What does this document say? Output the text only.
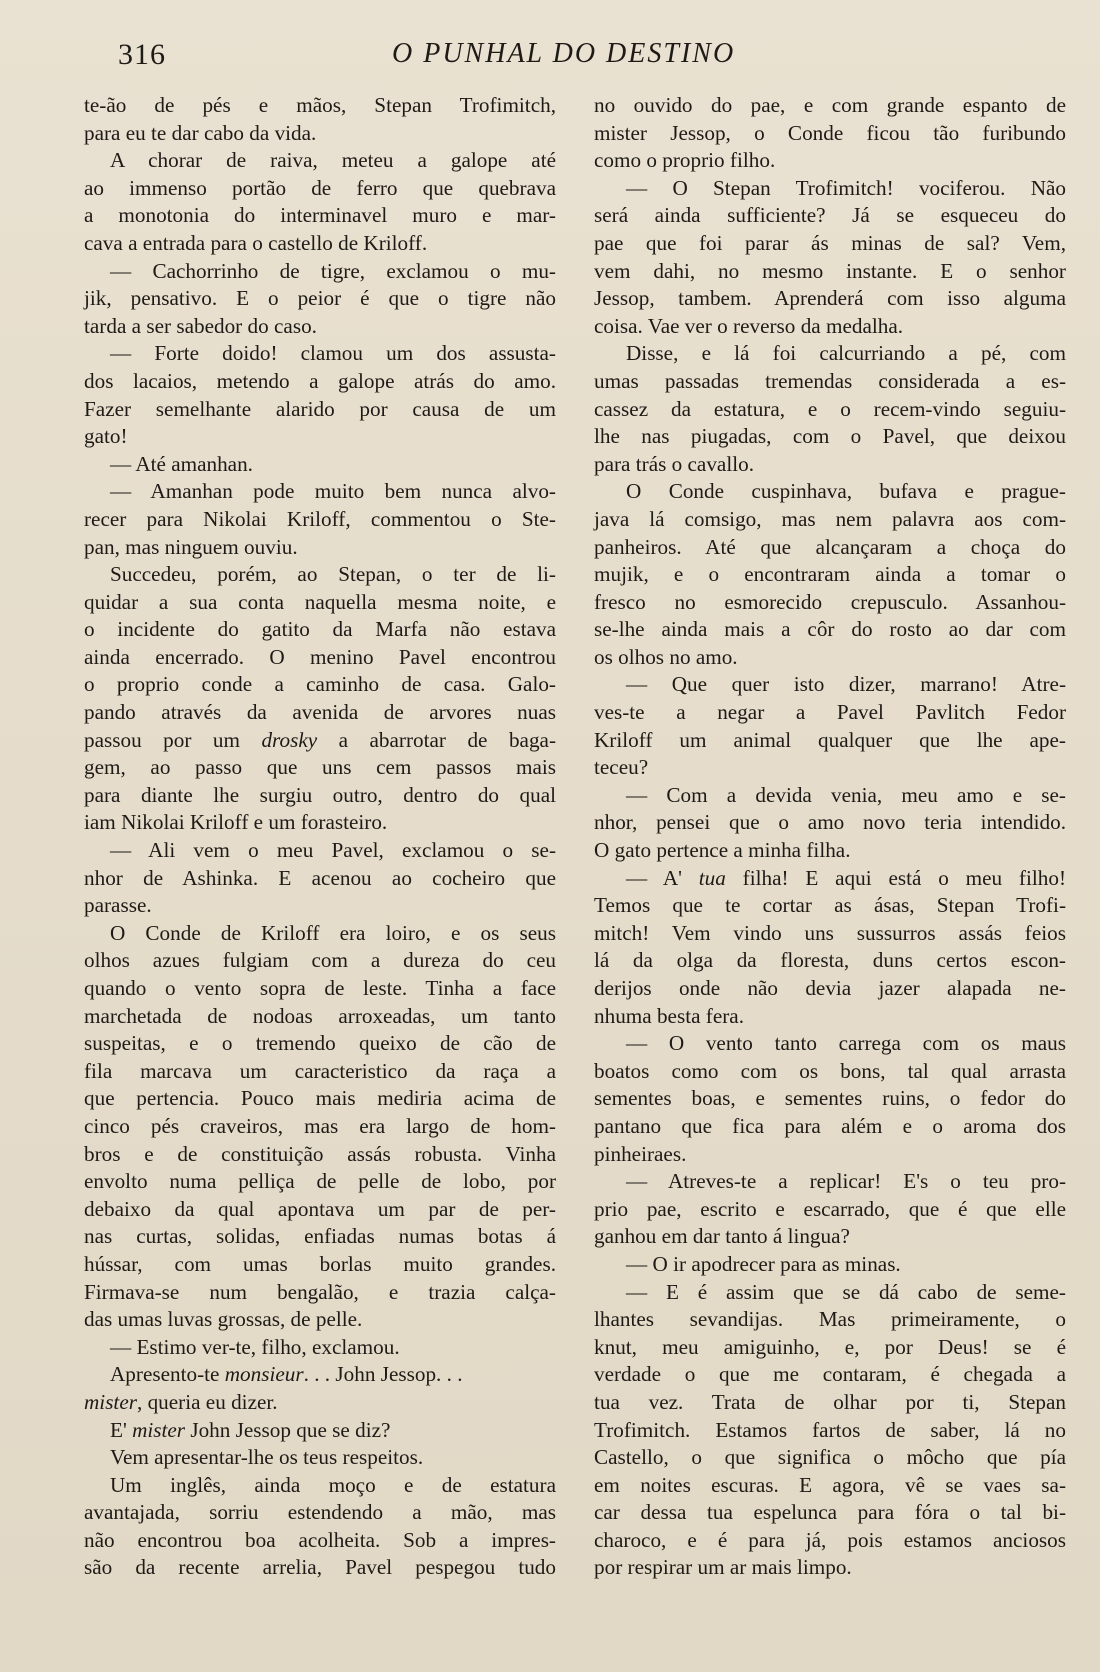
316	O PUNHAL DO DESTINO

te-ão de pés e mãos, Stepan Trofimitch,

para eu te dar cabo da vida.

A chorar de raiva, meteu a galope até

ao immenso portão de ferro que quebrava

a monotonia do interminavel muro e mar-

cava a entrada para o castello de Kriloff.

— Cachorrinho de tigre, exclamou o mu-

jik, pensativo. E o peior é que o tigre não

tarda a ser sabedor do caso.

— Forte doido! clamou um dos assusta-

dos lacaios, metendo a galope atrás do amo.

Fazer semelhante alarido por causa de um

gato!

— Até amanhan.

— Amanhan pode muito bem nunca alvo-

recer para Nikolai Kriloff, commentou o Ste-

pan, mas ninguem ouviu.

Succedeu, porém, ao Stepan, o ter de li-

quidar a sua conta naquella mesma noite, e

o incidente do gatito da Marfa não estava

ainda encerrado. O menino Pavel encontrou

o proprio conde a caminho de casa. Galo-

pando através da avenida de arvores nuas

passou por um drosky a abarrotar de baga-

gem, ao passo que uns cem passos mais

para diante lhe surgiu outro, dentro do qual

iam Nikolai Kriloff e um forasteiro.

— Ali vem o meu Pavel, exclamou o se-

nhor de Ashinka. E acenou ao cocheiro que

parasse.

O Conde de Kriloff era loiro, e os seus

olhos azues fulgiam com a dureza do ceu

quando o vento sopra de leste. Tinha a face

marchetada de nodoas arroxeadas, um tanto

suspeitas, e o tremendo queixo de cão de

fila marcava um caracteristico da raça a

que pertencia. Pouco mais mediria acima de

cinco pés craveiros, mas era largo de hom-

bros e de constituição assás robusta. Vinha

envolto numa pelliça de pelle de lobo, por

debaixo da qual apontava um par de per-

nas curtas, solidas, enfiadas numas botas á

hússar, com umas borlas muito grandes.

Firmava-se num bengalão, e trazia calça-

das umas luvas grossas, de pelle.

— Estimo ver-te, filho, exclamou.

Apresento-te monsieur. . . John Jessop. . .

mister, queria eu dizer.

E' mister John Jessop que se diz?

Vem apresentar-lhe os teus respeitos.

Um inglês, ainda moço e de estatura

avantajada, sorriu estendendo a mão, mas

não encontrou boa acolheita. Sob a impres-

são da recente arrelia, Pavel pespegou tudo

no ouvido do pae, e com grande espanto de

mister Jessop, o Conde ficou tão furibundo

como o proprio filho.

— O Stepan Trofimitch! vociferou. Não

será ainda sufficiente? Já se esqueceu do

pae que foi parar ás minas de sal? Vem,

vem dahi, no mesmo instante. E o senhor

Jessop, tambem. Aprenderá com isso alguma

coisa. Vae ver o reverso da medalha.

Disse, e lá foi calcurriando a pé, com

umas passadas tremendas considerada a es-

cassez da estatura, e o recem-vindo seguiu-

lhe nas piugadas, com o Pavel, que deixou

para trás o cavallo.

O Conde cuspinhava, bufava e prague-

java lá comsigo, mas nem palavra aos com-

panheiros. Até que alcançaram a choça do

mujik, e o encontraram ainda a tomar o

fresco no esmorecido crepusculo. Assanhou-

se-lhe ainda mais a côr do rosto ao dar com

os olhos no amo.

— Que quer isto dizer, marrano! Atre-

ves-te a negar a Pavel Pavlitch Fedor

Kriloff um animal qualquer que lhe ape-

teceu?

— Com a devida venia, meu amo e se-

nhor, pensei que o amo novo teria intendido.

O gato pertence a minha filha.

— A' tua filha! E aqui está o meu filho!

Temos que te cortar as ásas, Stepan Trofi-

mitch! Vem vindo uns sussurros assás feios

lá da olga da floresta, duns certos escon-

derijos onde não devia jazer alapada ne-

nhuma besta fera.

— O vento tanto carrega com os maus

boatos como com os bons, tal qual arrasta

sementes boas, e sementes ruins, o fedor do

pantano que fica para além e o aroma dos

pinheiraes.

— Atreves-te a replicar! E's o teu pro-

prio pae, escrito e escarrado, que é que elle

ganhou em dar tanto á lingua?

— O ir apodrecer para as minas.

— E é assim que se dá cabo de seme-

lhantes sevandijas. Mas primeiramente, o

knut, meu amiguinho, e, por Deus! se é

verdade o que me contaram, é chegada a

tua vez. Trata de olhar por ti, Stepan

Trofimitch. Estamos fartos de saber, lá no

Castello, o que significa o môcho que pía

em noites escuras. E agora, vê se vaes sa-

car dessa tua espelunca para fóra o tal bi-

charoco, e é para já, pois estamos anciosos

por respirar um ar mais limpo.
